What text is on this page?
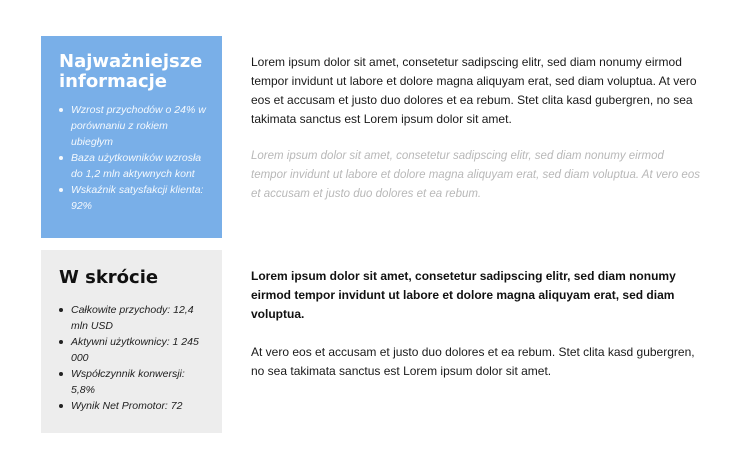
Najważniejsze informacje
Wzrost przychodów o 24% w porównaniu z rokiem ubiegłym
Baza użytkowników wzrosła do 1,2 mln aktywnych kont
Wskaźnik satysfakcji klienta: 92%
W skrócie
Całkowite przychody: 12,4 mln USD
Aktywni użytkownicy: 1 245 000
Współczynnik konwersji: 5,8%
Wynik Net Promotor: 72

Lorem ipsum dolor sit amet, consetetur sadipscing elitr, sed diam nonumy eirmod tempor invidunt ut labore et dolore magna aliquyam erat, sed diam voluptua. At vero eos et accusam et justo duo dolores et ea rebum. Stet clita kasd gubergren, no sea takimata sanctus est Lorem ipsum dolor sit amet.

Lorem ipsum dolor sit amet, consetetur sadipscing elitr, sed diam nonumy eirmod tempor invidunt ut labore et dolore magna aliquyam erat, sed diam voluptua. At vero eos et accusam et justo duo dolores et ea rebum.

Lorem ipsum dolor sit amet, consetetur sadipscing elitr, sed diam nonumy eirmod tempor invidunt ut labore et dolore magna aliquyam erat, sed diam voluptua.

At vero eos et accusam et justo duo dolores et ea rebum. Stet clita kasd gubergren, no sea takimata sanctus est Lorem ipsum dolor sit amet.
